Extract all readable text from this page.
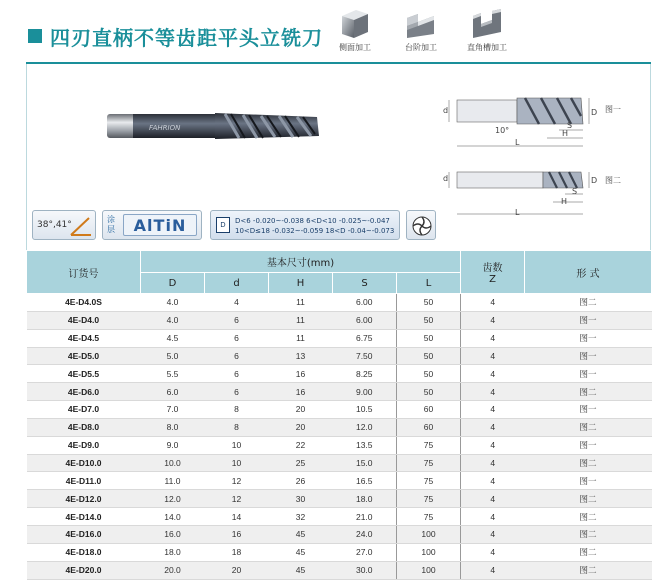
四刃直柄不等齿距平头立铣刀	侧面加工	台阶加工	直角槽加工
FAHRION
d	D
10°
S
H
L
图一
d	D
S
H
L
图二
38°,41°
涂层	AlTiN	D	D<6 -0.020~-0.038 6<D<10 -0.025~-0.047
10<D≤18 -0.032~-0.059 18<D -0.04~-0.073
订货号	基本尺寸(mm)					齿数
Z	形 式
	D	d	H	S	L		
4E-D4.0S	4.0	4	11	6.00	50	4	图二
4E-D4.0	4.0	6	11	6.00	50	4	图一
4E-D4.5	4.5	6	11	6.75	50	4	图一
4E-D5.0	5.0	6	13	7.50	50	4	图一
4E-D5.5	5.5	6	16	8.25	50	4	图一
4E-D6.0	6.0	6	16	9.00	50	4	图二
4E-D7.0	7.0	8	20	10.5	60	4	图一
4E-D8.0	8.0	8	20	12.0	60	4	图二
4E-D9.0	9.0	10	22	13.5	75	4	图一
4E-D10.0	10.0	10	25	15.0	75	4	图二
4E-D11.0	11.0	12	26	16.5	75	4	图一
4E-D12.0	12.0	12	30	18.0	75	4	图二
4E-D14.0	14.0	14	32	21.0	75	4	图二
4E-D16.0	16.0	16	45	24.0	100	4	图二
4E-D18.0	18.0	18	45	27.0	100	4	图二
4E-D20.0	20.0	20	45	30.0	100	4	图二
